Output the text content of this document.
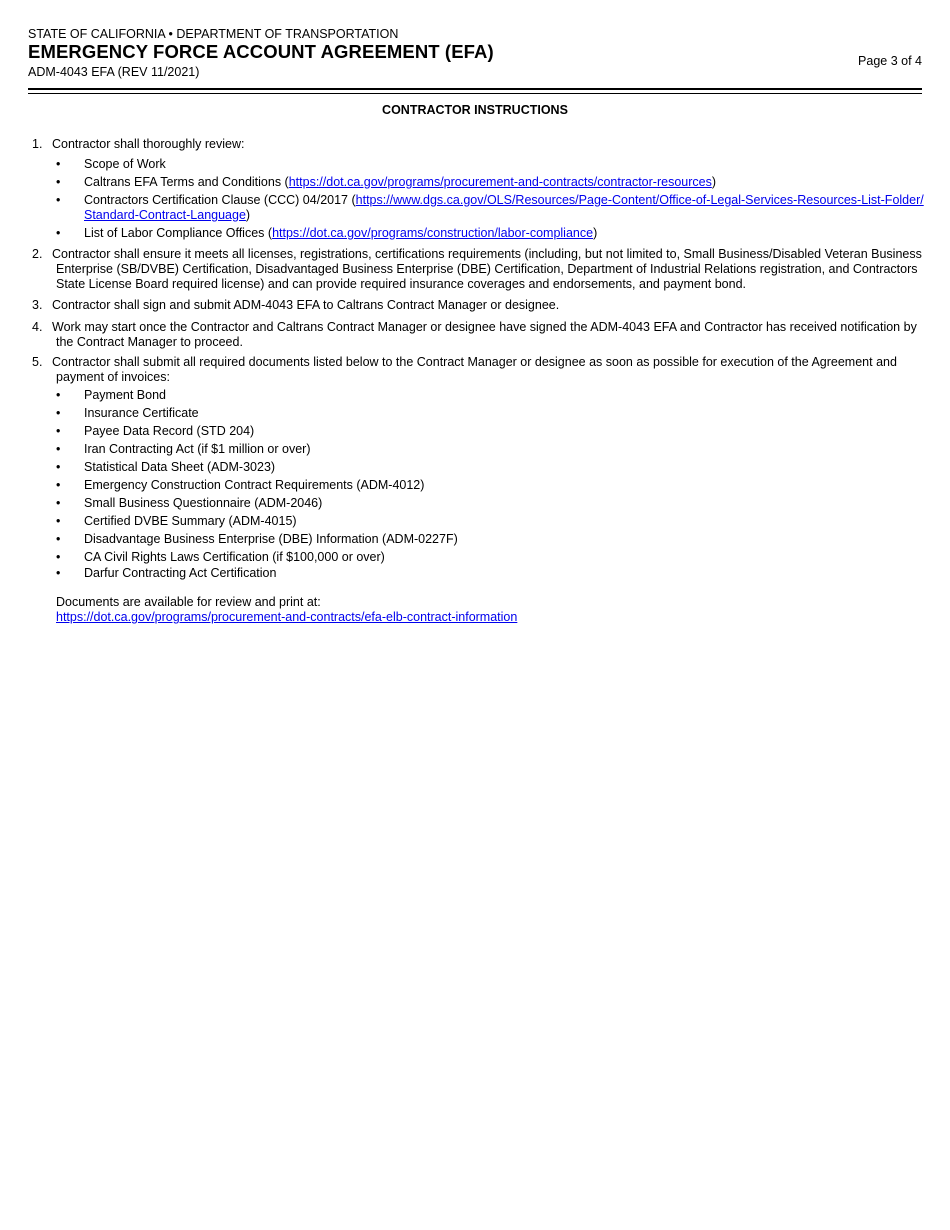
STATE OF CALIFORNIA • DEPARTMENT OF TRANSPORTATION
EMERGENCY FORCE ACCOUNT AGREEMENT (EFA)
ADM-4043 EFA (REV 11/2021)
Page 3 of 4
CONTRACTOR INSTRUCTIONS
1. Contractor shall thoroughly review:
• Scope of Work
• Caltrans EFA Terms and Conditions (https://dot.ca.gov/programs/procurement-and-contracts/contractor-resources)
• Contractors Certification Clause (CCC) 04/2017 (https://www.dgs.ca.gov/OLS/Resources/Page-Content/Office-of-Legal-Services-Resources-List-Folder/
Standard-Contract-Language)
• List of Labor Compliance Offices (https://dot.ca.gov/programs/construction/labor-compliance)
2. Contractor shall ensure it meets all licenses, registrations, certifications requirements (including, but not limited to, Small Business/Disabled Veteran Business
Enterprise (SB/DVBE) Certification, Disadvantaged Business Enterprise (DBE) Certification, Department of Industrial Relations registration, and Contractors
State License Board required license) and can provide required insurance coverages and endorsements, and payment bond.
3. Contractor shall sign and submit ADM-4043 EFA to Caltrans Contract Manager or designee.
4. Work may start once the Contractor and Caltrans Contract Manager or designee have signed the ADM-4043 EFA and Contractor has received notification by
the Contract Manager to proceed.
5. Contractor shall submit all required documents listed below to the Contract Manager or designee as soon as possible for execution of the Agreement and
payment of invoices:
• Payment Bond
• Insurance Certificate
• Payee Data Record (STD 204)
• Iran Contracting Act (if $1 million or over)
• Statistical Data Sheet (ADM-3023)
• Emergency Construction Contract Requirements (ADM-4012)
• Small Business Questionnaire (ADM-2046)
• Certified DVBE Summary (ADM-4015)
• Disadvantage Business Enterprise (DBE) Information (ADM-0227F)
• CA Civil Rights Laws Certification (if $100,000 or over)
• Darfur Contracting Act Certification
Documents are available for review and print at:
https://dot.ca.gov/programs/procurement-and-contracts/efa-elb-contract-information
